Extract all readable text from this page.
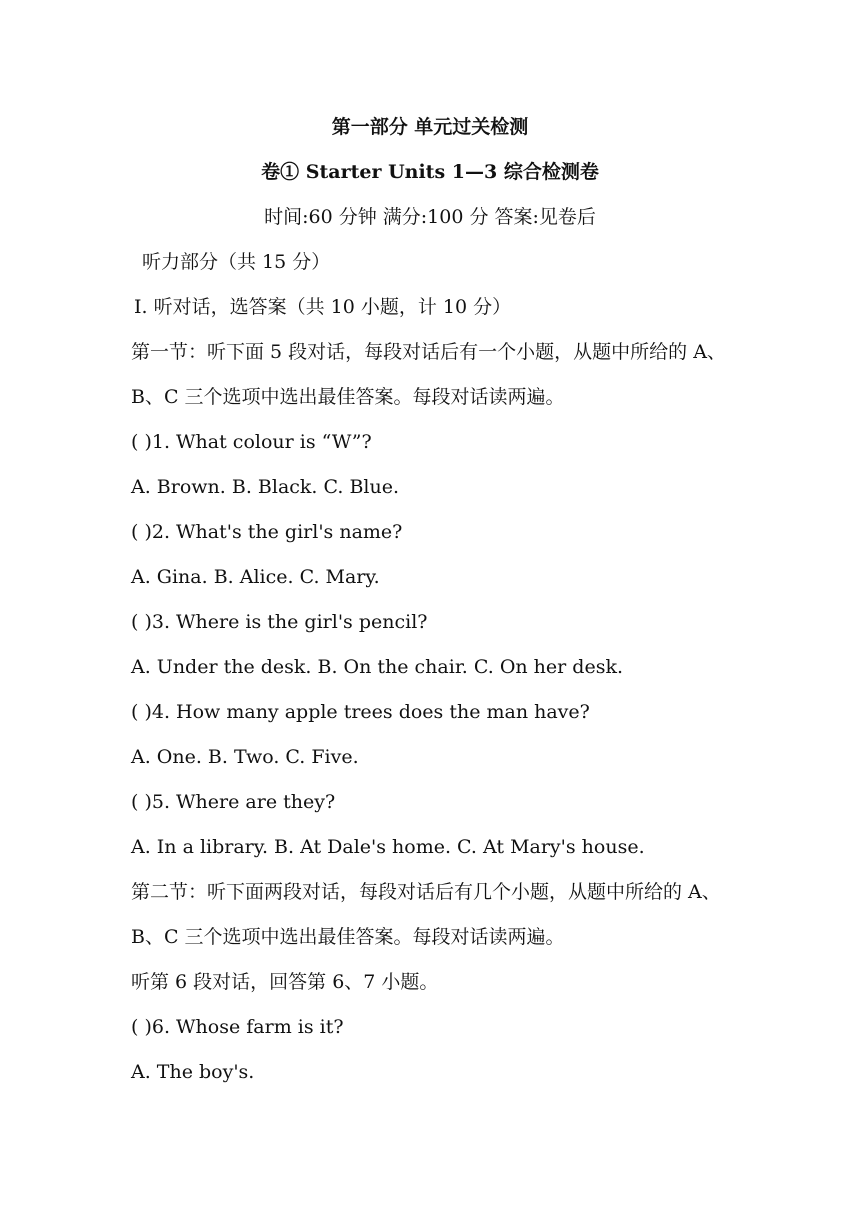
第一部分 单元过关检测
卷① Starter Units 1—3 综合检测卷
时间:60 分钟 满分:100 分 答案:见卷后
听力部分（共 15 分）
Ⅰ. 听对话，选答案（共 10 小题，计 10 分）
第一节：听下面 5 段对话，每段对话后有一个小题，从题中所给的 A、
B、C 三个选项中选出最佳答案。每段对话读两遍。
( )1. What colour is “W”?
A. Brown. B. Black. C. Blue.
( )2. What's the girl's name?
A. Gina. B. Alice. C. Mary.
( )3. Where is the girl's pencil?
A. Under the desk. B. On the chair. C. On her desk.
( )4. How many apple trees does the man have?
A. One. B. Two. C. Five.
( )5. Where are they?
A. In a library. B. At Dale's home. C. At Mary's house.
第二节：听下面两段对话，每段对话后有几个小题，从题中所给的 A、
B、C 三个选项中选出最佳答案。每段对话读两遍。
听第 6 段对话，回答第 6、7 小题。
( )6. Whose farm is it?
A. The boy's.
